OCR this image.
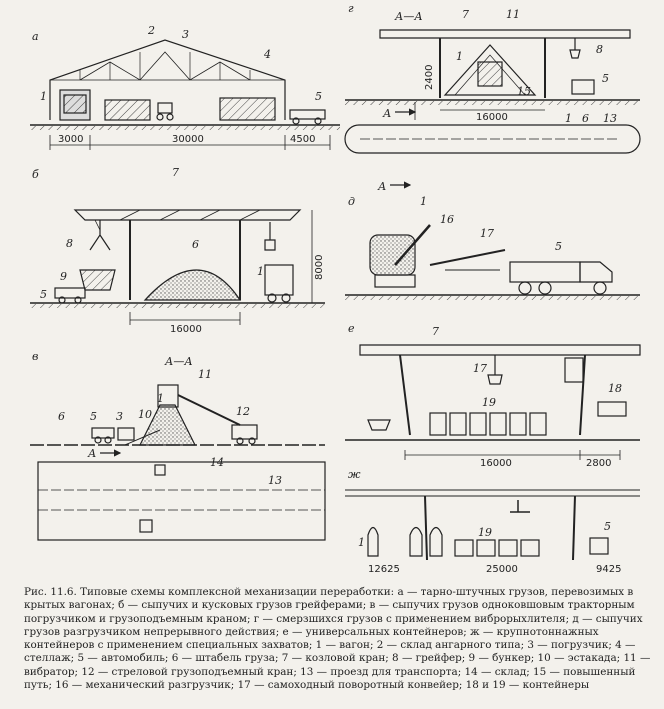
а
б
в
г
д
е
ж
А—А
А—А
А
А
А
1
2 3
4
5
7
8	6
1
9
5
11
6 5 3 10
1
12
14
13
7	11
8
1
5
15
1 6 13
1
16
17
5
7
17
19
18
1
19	5
3000	30000	4500
16000
8000
2400
16000
16000	2800
12625	25000	9425

Рис. 11.6. Типовые схемы комплексной механизации переработки: а — тарно-штучных грузов, перевозимых в крытых вагонах; б — сыпучих и кусковых грузов грейферами; в — сыпучих грузов одноковшовым тракторным погрузчиком и грузоподъемным краном; г — смерзшихся грузов с применением виброрыхлителя; д — сыпучих грузов разгрузчиком непрерывного действия; е — универсальных контейнеров; ж — крупнотоннажных контейнеров с применением специальных захватов; 1 — вагон; 2 — склад ангарного типа; 3 — погрузчик; 4 — стеллаж; 5 — автомобиль; 6 — штабель груза; 7 — козловой кран; 8 — грейфер; 9 — бункер; 10 — эстакада; 11 — вибратор; 12 — стреловой грузоподъемный кран; 13 — проезд для транспорта; 14 — склад; 15 — повышенный путь; 16 — механический разгрузчик; 17 — самоходный поворотный конвейер; 18 и 19 — контейнеры
